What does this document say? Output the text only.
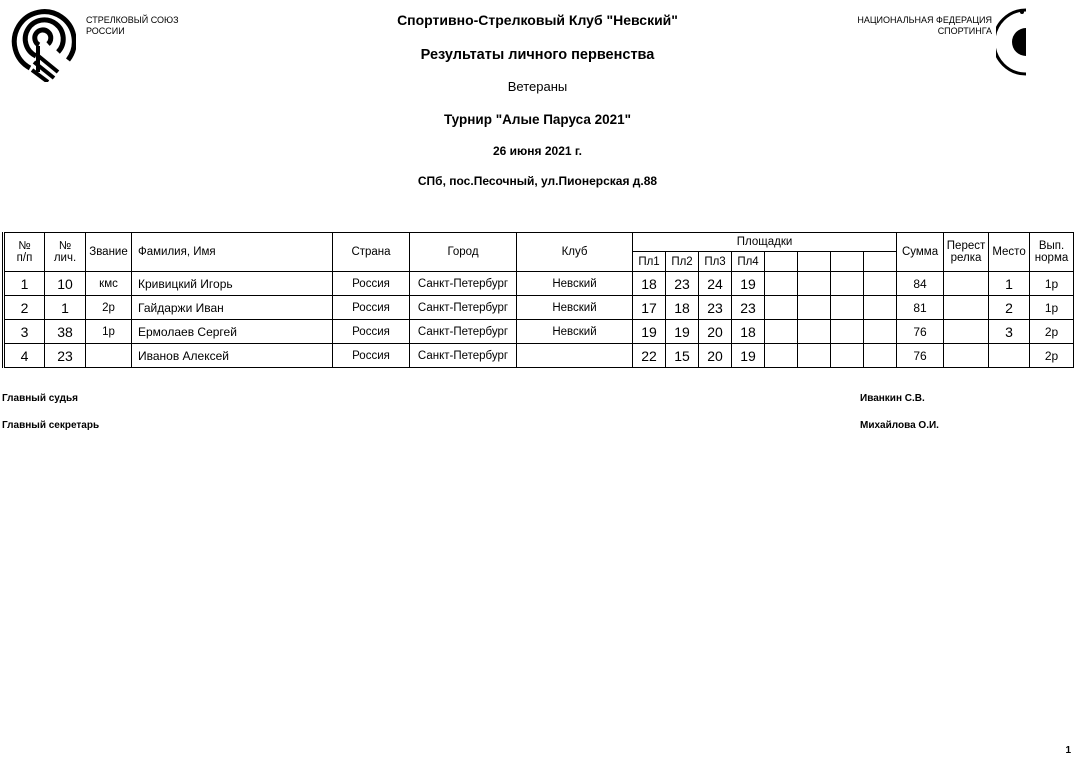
СТРЕЛКОВЫЙ СОЮЗ
РОССИИ
НАЦИОНАЛЬНАЯ ФЕДЕРАЦИЯ
СПОРТИНГА
Спортивно-Стрелковый Клуб "Невский"
Результаты личного первенства
Ветераны
Турнир "Алые Паруса 2021"
26 июня 2021 г.
СПб, пос.Песочный, ул.Пионерская д.88
№
п/п	№
лич.	Звание	Фамилия, Имя	Страна	Город	Клуб	Площадки								Сумма	Перест
релка	Место	Вып.
норма
							Пл1	Пл2	Пл3	Пл4								
1	10	кмс	Кривицкий Игорь	Россия	Санкт-Петербург	Невский	18	23	24	19					84		1	1р
2	1	2р	Гайдаржи Иван	Россия	Санкт-Петербург	Невский	17	18	23	23					81		2	1р
3	38	1р	Ермолаев Сергей	Россия	Санкт-Петербург	Невский	19	19	20	18					76		3	2р
4	23		Иванов Алексей	Россия	Санкт-Петербург		22	15	20	19					76			2р
Главный судья	Иванкин С.В.
Главный секретарь	Михайлова О.И.
1
